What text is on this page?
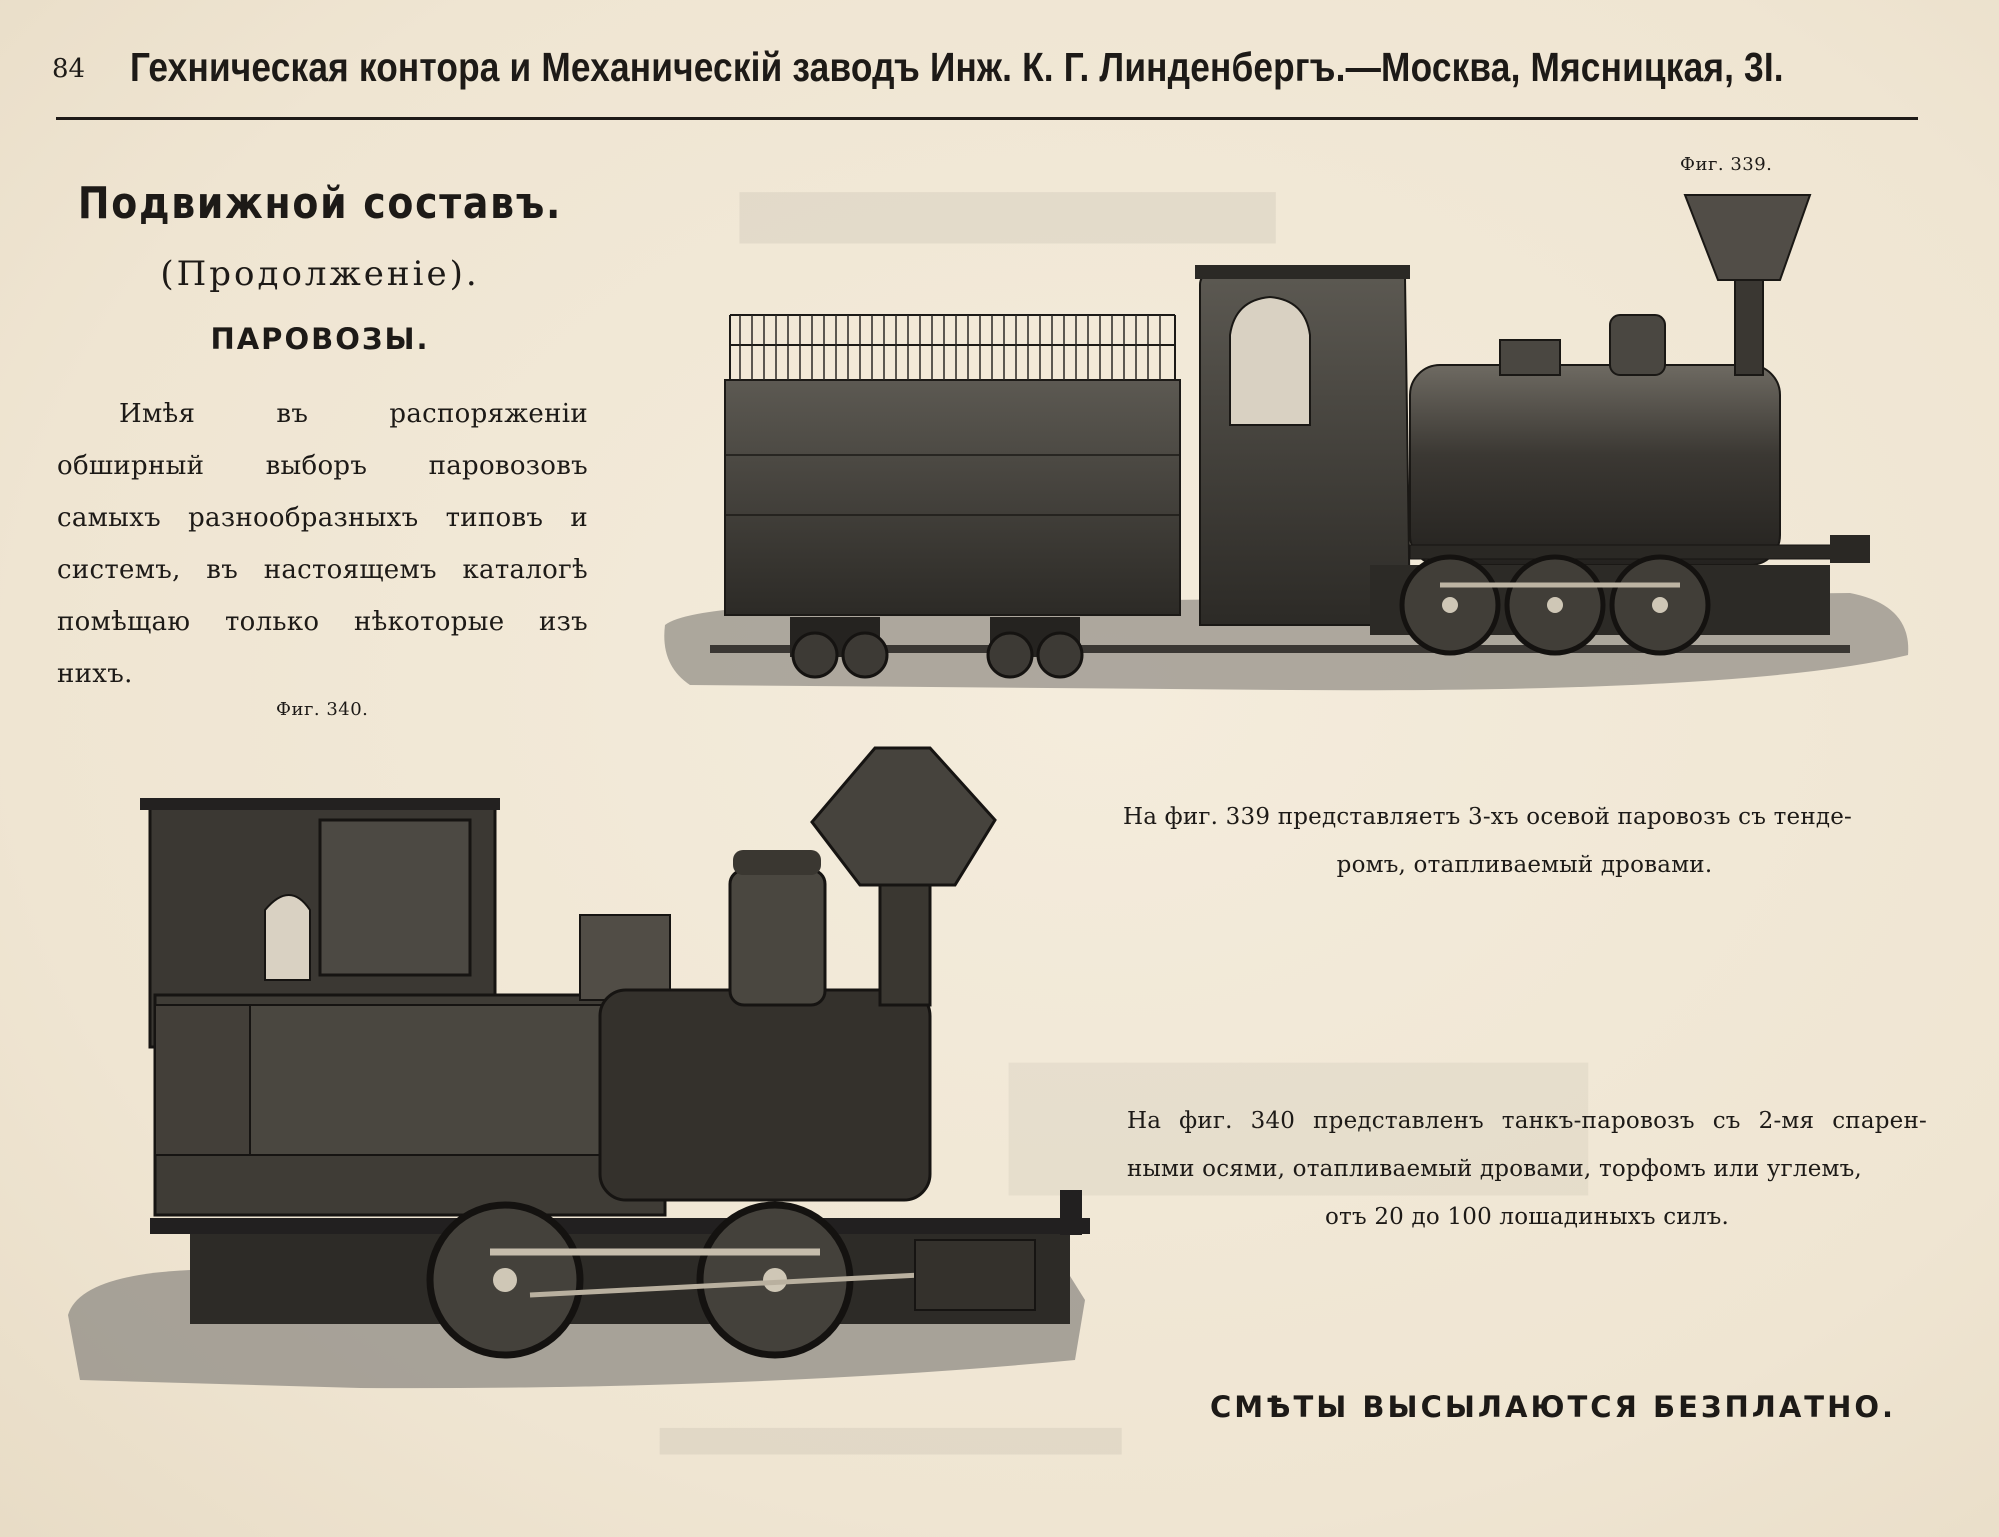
▆▆▆▆▆▆▆▆▆▆▆▆
▆▆▆▆▆▆▆▆▆▆▆▆▆▆▆▆▆▆▆▆
84 Гехническая контора и Механическій заводъ Инж. К. Г. Линденбергъ.—Москва, Мясницкая, 3І.
Подвижной составъ.
(Продолженіе).
ПАРОВОЗЫ.
Имѣя въ распоряженіи обширный выборъ паровозовъ самыхъ разнообразныхъ типовъ и системъ, въ настоящемъ каталогѣ помѣщаю только нѣкоторые изъ нихъ.
Фиг. 339.
На фиг. 339 представляетъ 3-хъ осевой паровозъ съ тенде-
ромъ, отапливаемый дровами.
Фиг. 340.
На фиг. 340 представленъ танкъ-паровозъ съ 2-мя спарен- ными осями, отапливаемый дровами, торфомъ или углемъ,
отъ 20 до 100 лошадиныхъ силъ.
СМѢТЫ ВЫСЫЛАЮТСЯ БЕЗПЛАТНО.
